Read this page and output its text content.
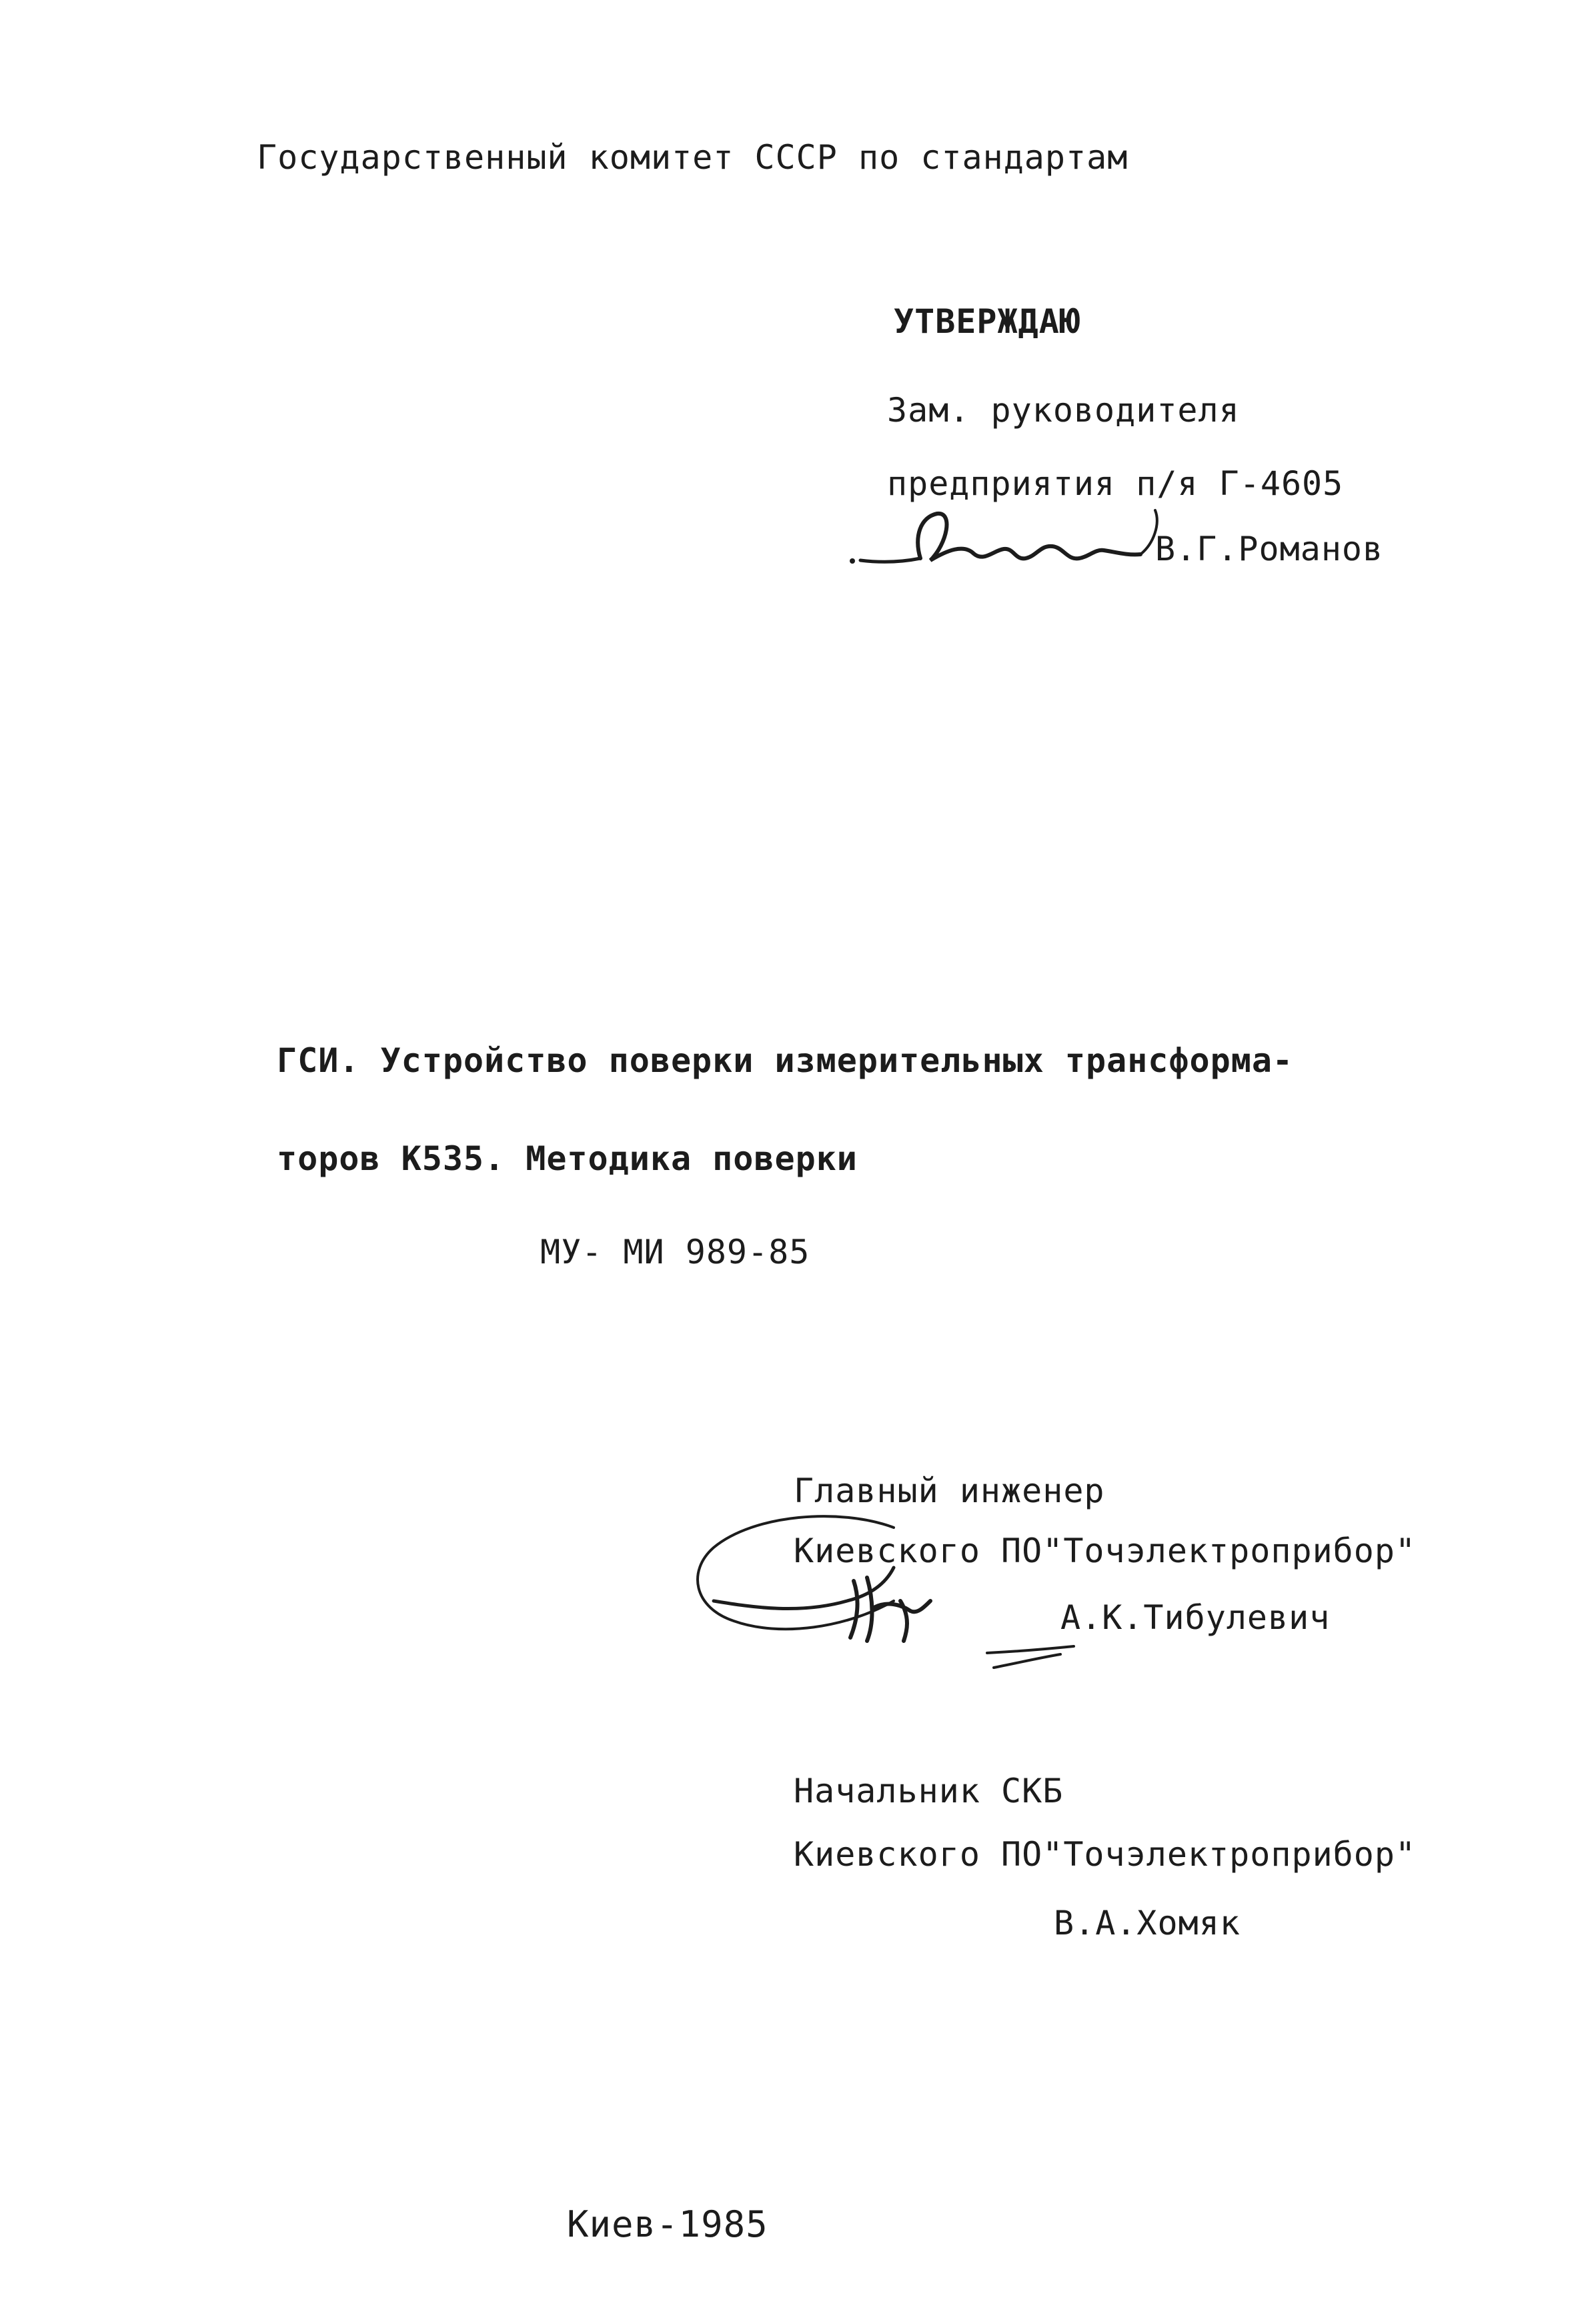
Государственный комитет СССР по стандартам
УТВЕРЖДАЮ
Зам. руководителя
предприятия п/я Г-4605
В.Г.Романов
ГСИ. Устройство поверки измерительных трансформа-
торов К535. Методика поверки
МУ- МИ 989-85
Главный инженер
Киевского ПО"Точэлектроприбор"
А.К.Тибулевич
Начальник СКБ
Киевского ПО"Точэлектроприбор"
В.А.Хомяк
Киев-1985
